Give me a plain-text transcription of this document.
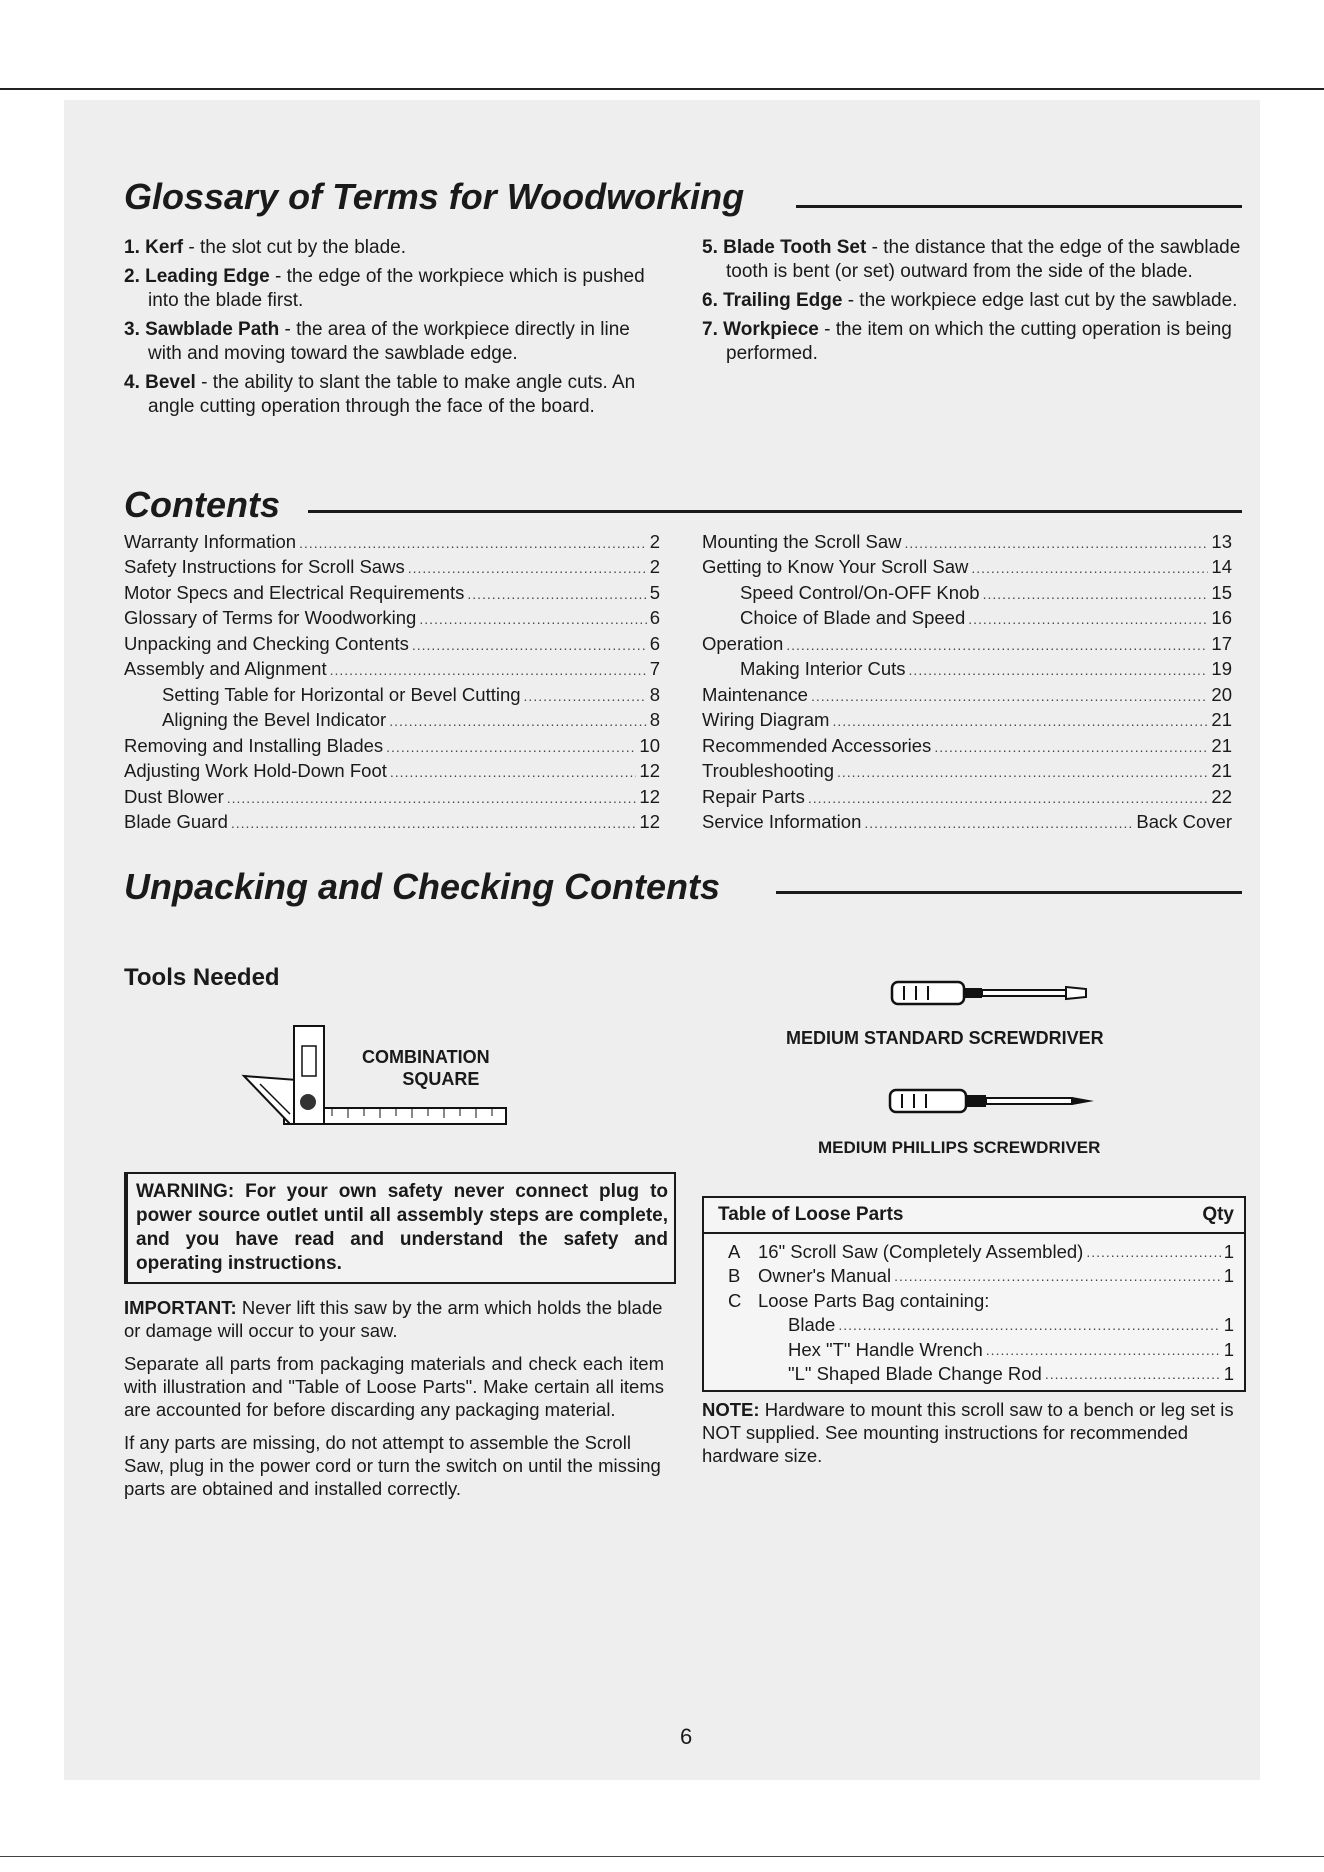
Glossary of Terms for Woodworking
1. Kerf - the slot cut by the blade.
2. Leading Edge - the edge of the workpiece which is pushed into the blade first.
3. Sawblade Path - the area of the workpiece directly in line with and moving toward the sawblade edge.
4. Bevel - the ability to slant the table to make angle cuts. An angle cutting operation through the face of the board.
5. Blade Tooth Set - the distance that the edge of the sawblade tooth is bent (or set) outward from the side of the blade.
6. Trailing Edge - the workpiece edge last cut by the sawblade.
7. Workpiece - the item on which the cutting operation is being performed.
Contents
Warranty Information .....	2
Safety Instructions for Scroll Saws .....	2
Motor Specs and Electrical Requirements .....	5
Glossary of Terms for Woodworking .....	6
Unpacking and Checking Contents .....	6
Assembly and Alignment .....	7
Setting Table for Horizontal or Bevel Cutting .....	8
Aligning the Bevel Indicator .....	8
Removing and Installing Blades .....	10
Adjusting Work Hold-Down Foot .....	12
Dust Blower .....	12
Blade Guard .....	12
Mounting the Scroll Saw .....	13
Getting to Know Your Scroll Saw .....	14
Speed Control/On-OFF Knob .....	15
Choice of Blade and Speed .....	16
Operation .....	17
Making Interior Cuts .....	19
Maintenance .....	20
Wiring Diagram .....	21
Recommended Accessories .....	21
Troubleshooting .....	21
Repair Parts .....	22
Service Information .....	Back Cover
Unpacking and Checking Contents
Tools Needed
COMBINATION
SQUARE
MEDIUM STANDARD SCREWDRIVER
MEDIUM PHILLIPS SCREWDRIVER
WARNING: For your own safety never connect plug to power source outlet until all assembly steps are complete, and you have read and understand the safety and operating instructions.

IMPORTANT: Never lift this saw by the arm which holds the blade or damage will occur to your saw.

Separate all parts from packaging materials and check each item with illustration and "Table of Loose Parts". Make certain all items are accounted for before discarding any packaging material.

If any parts are missing, do not attempt to assemble the Scroll Saw, plug in the power cord or turn the switch on until the missing parts are obtained and installed correctly.

Table of Loose Parts	Qty
A 16" Scroll Saw (Completely Assembled) .....	1
B Owner's Manual .....	1
C Loose Parts Bag containing:
Blade .....	1
Hex "T" Handle Wrench .....	1
"L" Shaped Blade Change Rod .....	1
NOTE: Hardware to mount this scroll saw to a bench or leg set is NOT supplied. See mounting instructions for recommended hardware size.
6
